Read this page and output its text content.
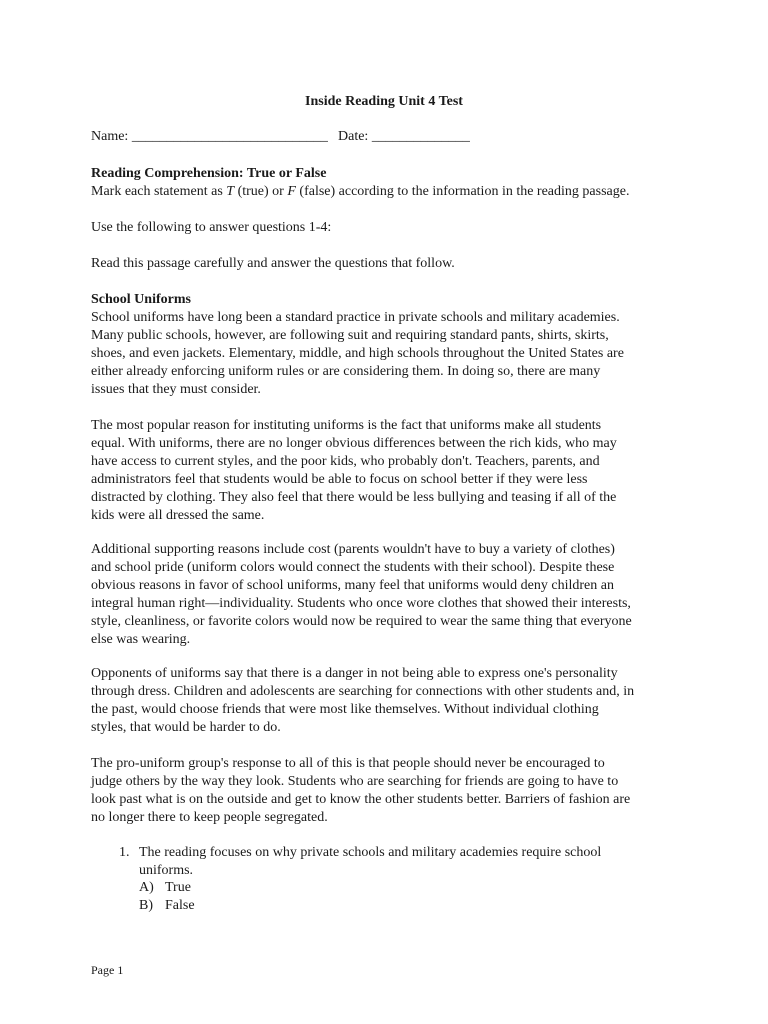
Inside Reading Unit 4 Test
Name: ____________________________ Date: ______________
Reading Comprehension: True or False
Mark each statement as T (true) or F (false) according to the information in the reading passage.
Use the following to answer questions 1-4:
Read this passage carefully and answer the questions that follow.
School Uniforms
School uniforms have long been a standard practice in private schools and military academies.
Many public schools, however, are following suit and requiring standard pants, shirts, skirts,
shoes, and even jackets. Elementary, middle, and high schools throughout the United States are
either already enforcing uniform rules or are considering them. In doing so, there are many
issues that they must consider.
The most popular reason for instituting uniforms is the fact that uniforms make all students
equal. With uniforms, there are no longer obvious differences between the rich kids, who may
have access to current styles, and the poor kids, who probably don't. Teachers, parents, and
administrators feel that students would be able to focus on school better if they were less
distracted by clothing. They also feel that there would be less bullying and teasing if all of the
kids were all dressed the same.
Additional supporting reasons include cost (parents wouldn't have to buy a variety of clothes)
and school pride (uniform colors would connect the students with their school). Despite these
obvious reasons in favor of school uniforms, many feel that uniforms would deny children an
integral human right—individuality. Students who once wore clothes that showed their interests,
style, cleanliness, or favorite colors would now be required to wear the same thing that everyone
else was wearing.
Opponents of uniforms say that there is a danger in not being able to express one's personality
through dress. Children and adolescents are searching for connections with other students and, in
the past, would choose friends that were most like themselves. Without individual clothing
styles, that would be harder to do.
The pro-uniform group's response to all of this is that people should never be encouraged to
judge others by the way they look. Students who are searching for friends are going to have to
look past what is on the outside and get to know the other students better. Barriers of fashion are
no longer there to keep people segregated.
1. The reading focuses on why private schools and military academies require school
uniforms.
A) True
B) False
Page 1
